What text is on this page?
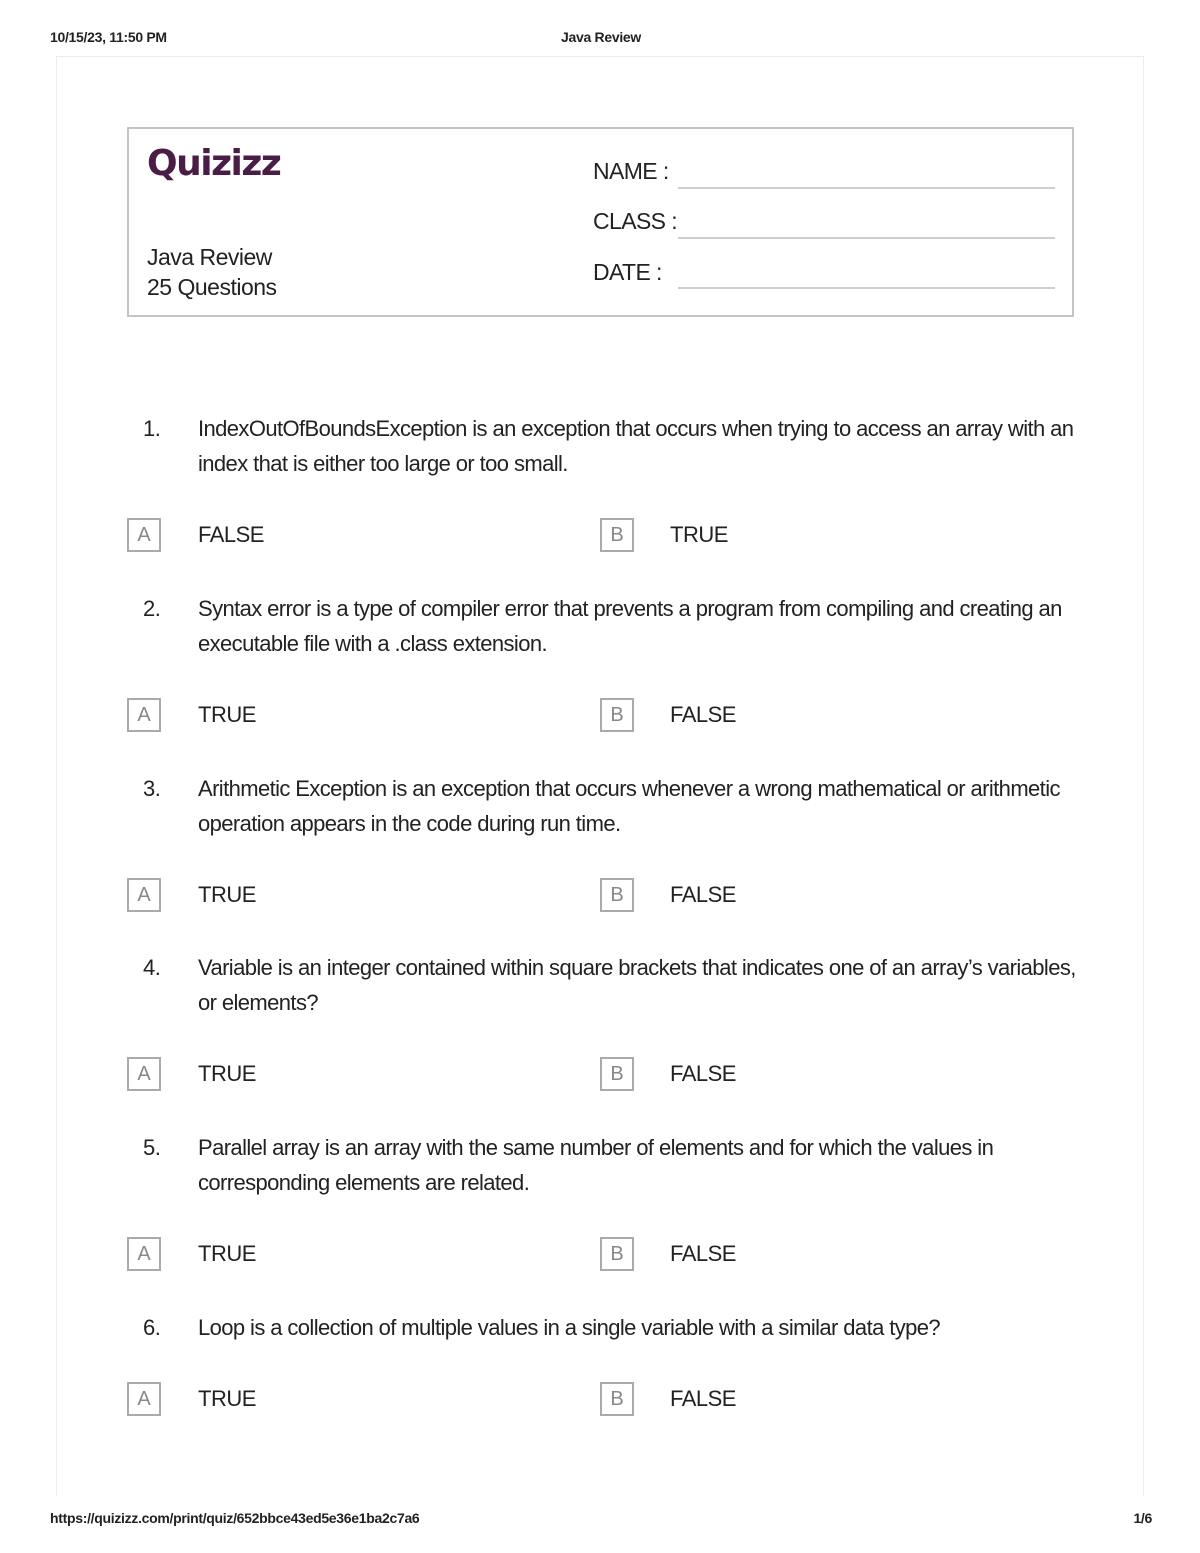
10/15/23, 11:50 PM	Java Review
Quizizz
Java Review
25 Questions
NAME :
CLASS :
DATE :
1. IndexOutOfBoundsException is an exception that occurs when trying to access an array with an index that is either too large or too small.
A	FALSE	B	TRUE
2. Syntax error is a type of compiler error that prevents a program from compiling and creating an executable file with a .class extension.
A	TRUE	B	FALSE
3. Arithmetic Exception is an exception that occurs whenever a wrong mathematical or arithmetic operation appears in the code during run time.
A	TRUE	B	FALSE
4. Variable is an integer contained within square brackets that indicates one of an array’s variables, or elements?
A	TRUE	B	FALSE
5. Parallel array is an array with the same number of elements and for which the values in corresponding elements are related.
A	TRUE	B	FALSE
6. Loop is a collection of multiple values in a single variable with a similar data type?
A	TRUE	B	FALSE
https://quizizz.com/print/quiz/652bbce43ed5e36e1ba2c7a6	1/6
